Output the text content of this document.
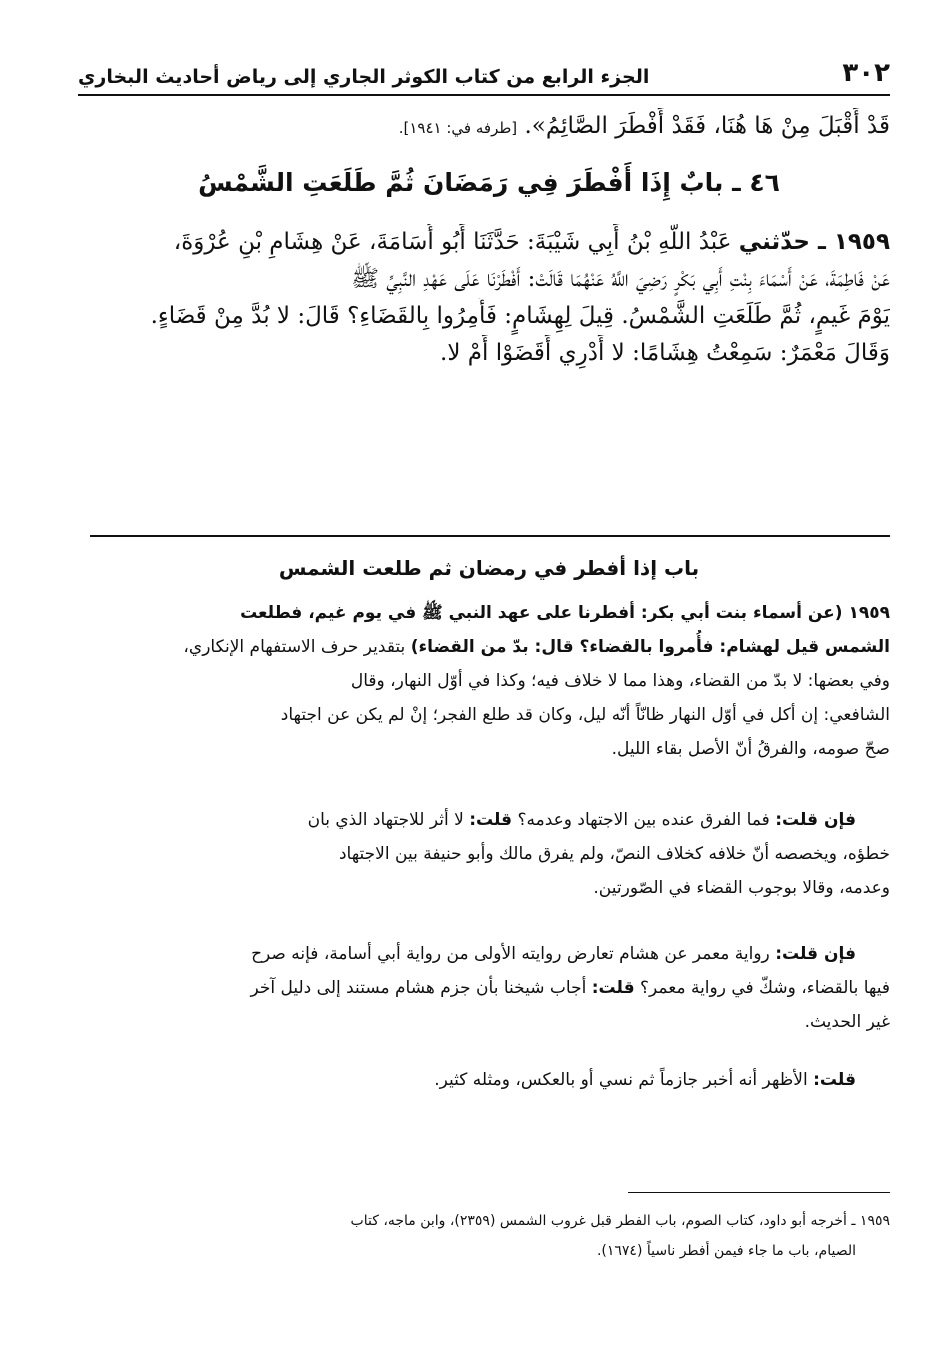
٣٠٢
الجزء الرابع من كتاب الكوثر الجاري إلى رياض أحاديث البخاري
قَدْ أَقْبَلَ مِنْ هَا هُنَا، فَقَدْ أَفْطَرَ الصَّائِمُ». [طرفه في: ١٩٤١].
٤٦ ـ بابٌ إِذَا أَفْطَرَ فِي رَمَضَانَ ثُمَّ طَلَعَتِ الشَّمْسُ
١٩٥٩ ـ حدّثني عَبْدُ اللَّهِ بْنُ أَبِي شَيْبَةَ: حَدَّثَنَا أَبُو أُسَامَةَ، عَنْ هِشَامِ بْنِ عُرْوَةَ،
عَنْ فَاطِمَةَ، عَنْ أَسْمَاءَ بِنْتِ أَبِي بَكْرٍ رَضِيَ اللَّهُ عَنْهُمَا قَالَتْ: أَفْطَرْنَا عَلَى عَهْدِ النَّبِيِّ ﷺ
يَوْمَ غَيمٍ، ثُمَّ طَلَعَتِ الشَّمْسُ. قِيلَ لِهِشَامٍ: فَأُمِرُوا بِالقَضَاءِ؟ قَالَ: لا بُدَّ مِنْ قَضَاءٍ.
وَقَالَ مَعْمَرٌ: سَمِعْتُ هِشَامًا: لا أَدْرِي أَقَضَوْا أَمْ لا.
باب إذا أفطر في رمضان ثم طلعت الشمس
١٩٥٩ (عن أسماء بنت أبي بكر: أفطرنا على عهد النبي ﷺ في يوم غيم، فطلعت
الشمس قيل لهشام: فأُمروا بالقضاء؟ قال: بدّ من القضاء) بتقدير حرف الاستفهام الإنكاري،
وفي بعضها: لا بدّ من القضاء، وهذا مما لا خلاف فيه؛ وكذا في أوّل النهار، وقال
الشافعي: إن أكل في أوّل النهار ظانّاً أنّه ليل، وكان قد طلع الفجر؛ إنْ لم يكن عن اجتهاد
صحّ صومه، والفرقُ أنّ الأصل بقاء الليل.
فإن قلت: فما الفرق عنده بين الاجتهاد وعدمه؟ قلت: لا أثر للاجتهاد الذي بان
خطؤه، ويخصصه أنّ خلافه كخلاف النصّ، ولم يفرق مالك وأبو حنيفة بين الاجتهاد
وعدمه، وقالا بوجوب القضاء في الصّورتين.
فإن قلت: رواية معمر عن هشام تعارض روايته الأولى من رواية أبي أسامة، فإنه صرح
فيها بالقضاء، وشكّ في رواية معمر؟ قلت: أجاب شيخنا بأن جزم هشام مستند إلى دليل آخر
غير الحديث.
قلت: الأظهر أنه أخبر جازماً ثم نسي أو بالعكس، ومثله كثير.
١٩٥٩ ـ أخرجه أبو داود، كتاب الصوم، باب الفطر قبل غروب الشمس (٢٣٥٩)، وابن ماجه، كتاب
الصيام، باب ما جاء فيمن أفطر ناسياً (١٦٧٤).
